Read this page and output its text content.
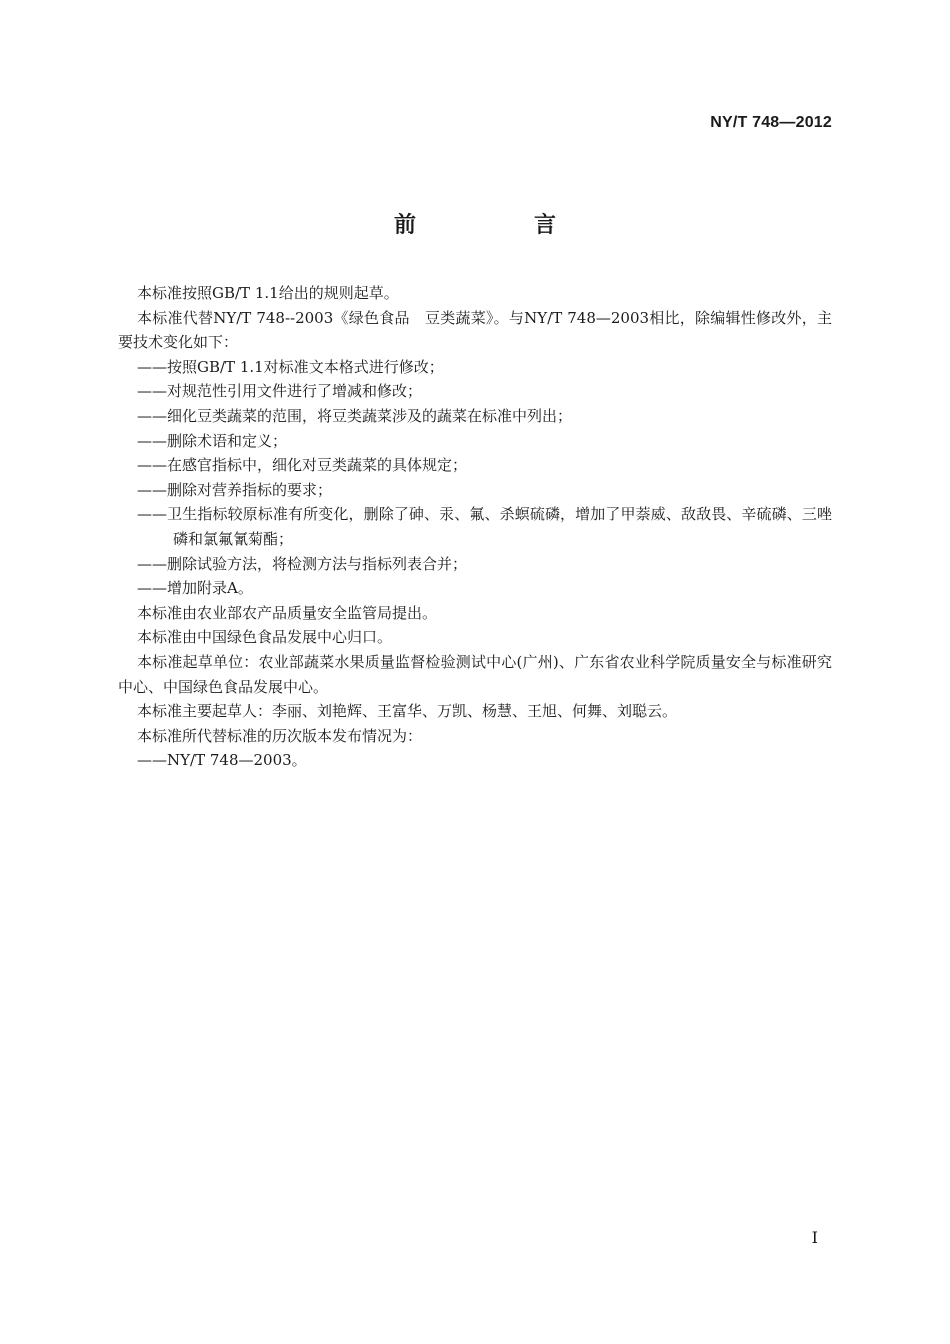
NY/T 748—2012
前　言

本标准按照GB/T 1.1给出的规则起草。

本标准代替NY/T 748--2003《绿色食品　豆类蔬菜》。与NY/T 748—2003相比，除编辑性修改外，主要技术变化如下：

——按照GB/T 1.1对标准文本格式进行修改；

——对规范性引用文件进行了增减和修改；

——细化豆类蔬菜的范围，将豆类蔬菜涉及的蔬菜在标准中列出；

——删除术语和定义；

——在感官指标中，细化对豆类蔬菜的具体规定；

——删除对营养指标的要求；

——卫生指标较原标准有所变化，删除了砷、汞、氟、杀螟硫磷，增加了甲萘威、敌敌畏、辛硫磷、三唑磷和氯氟氰菊酯；

——删除试验方法，将检测方法与指标列表合并；

——增加附录A。

本标准由农业部农产品质量安全监管局提出。

本标准由中国绿色食品发展中心归口。

本标准起草单位：农业部蔬菜水果质量监督检验测试中心(广州)、广东省农业科学院质量安全与标准研究中心、中国绿色食品发展中心。

本标准主要起草人：李丽、刘艳辉、王富华、万凯、杨慧、王旭、何舞、刘聪云。

本标准所代替标准的历次版本发布情况为：

——NY/T 748—2003。

I
